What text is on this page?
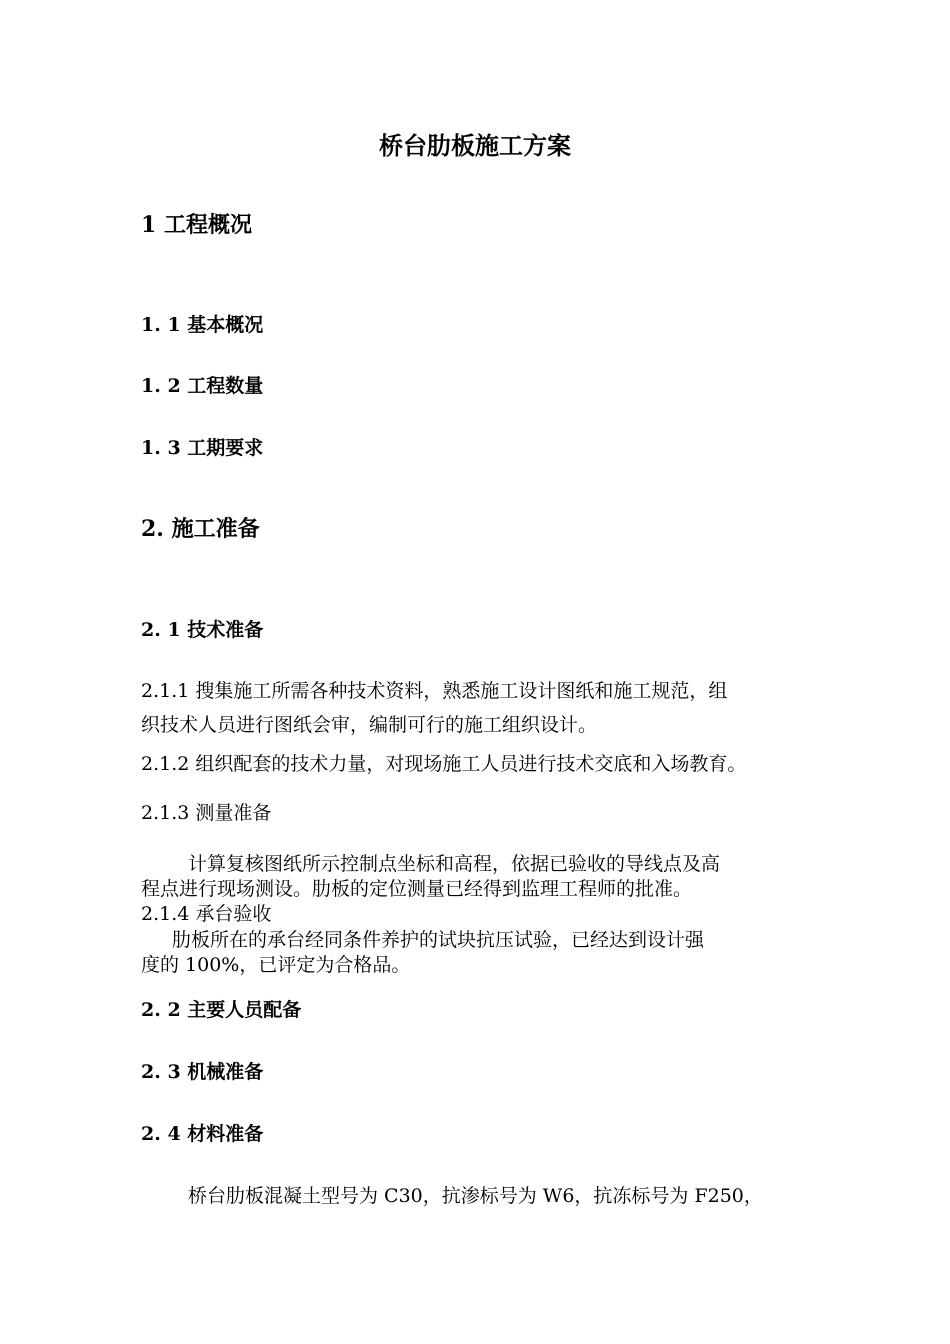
桥台肋板施工方案
1 工程概况
1. 1 基本概况
1. 2 工程数量
1. 3 工期要求
2. 施工准备
2. 1 技术准备
2.1.1 搜集施工所需各种技术资料，熟悉施工设计图纸和施工规范，组
织技术人员进行图纸会审，编制可行的施工组织设计。
2.1.2 组织配套的技术力量，对现场施工人员进行技术交底和入场教育。
2.1.3 测量准备
计算复核图纸所示控制点坐标和高程，依据已验收的导线点及高
程点进行现场测设。肋板的定位测量已经得到监理工程师的批准。
2.1.4 承台验收
肋板所在的承台经同条件养护的试块抗压试验，已经达到设计强
度的 100%，已评定为合格品。
2. 2 主要人员配备
2. 3 机械准备
2. 4 材料准备
桥台肋板混凝土型号为 C30，抗渗标号为 W6，抗冻标号为 F250，
